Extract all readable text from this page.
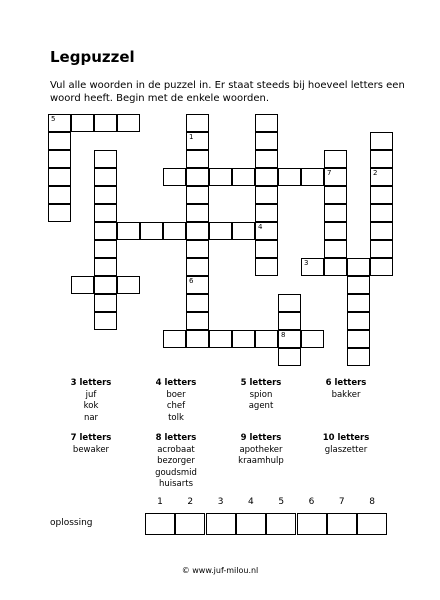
Legpuzzel
Vul alle woorden in de puzzel in. Er staat steeds bij hoeveel letters een woord heeft. Begin met de enkele woorden.
1
2
3
4
5
6
7
8
3 letters
juf
kok
nar
4 letters
boer
chef
tolk
5 letters
spion
agent
6 letters
bakker
7 letters
bewaker
8 letters
acrobaat
bezorger
goudsmid
huisarts
9 letters
apotheker
kraamhulp
10 letters
glaszetter
oplossing
1	2	3	4	5	6	7	8
© www.juf-milou.nl
